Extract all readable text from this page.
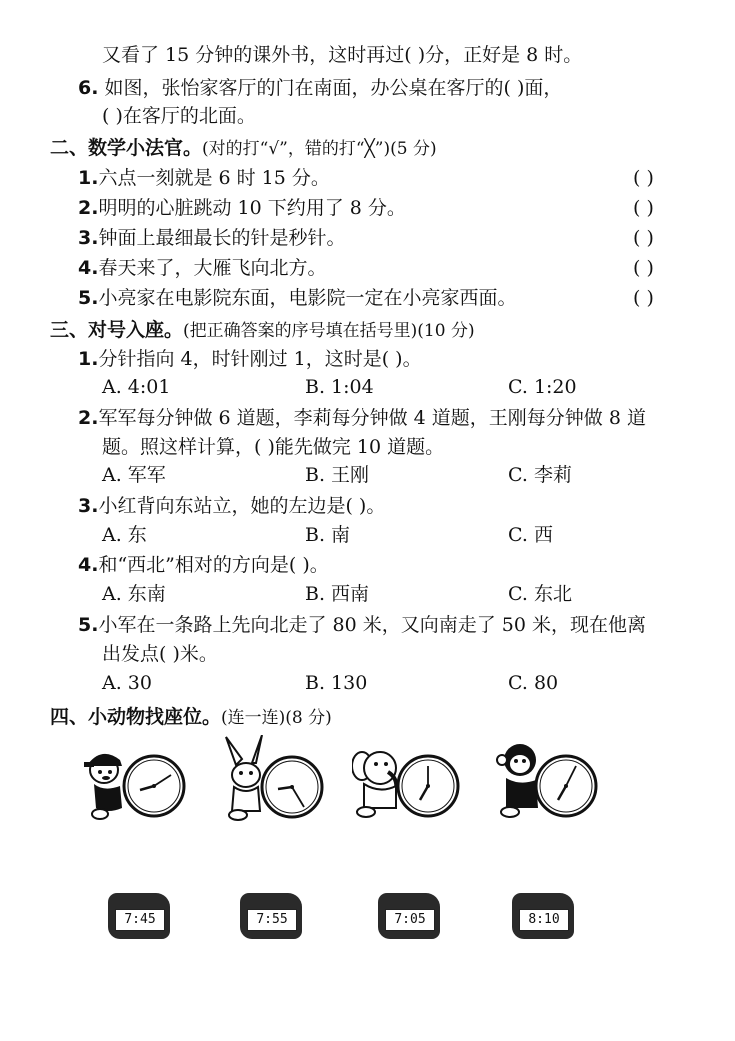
又看了 15 分钟的课外书，这时再过( )分，正好是 8 时。
6. 如图，张怡家客厅的门在南面，办公桌在客厅的( )面，
( )在客厅的北面。
二、数学小法官。(对的打“√”，错的打“╳”)(5 分)
1.六点一刻就是 6 时 15 分。	( )
2.明明的心脏跳动 10 下约用了 8 分。	( )
3.钟面上最细最长的针是秒针。	( )
4.春天来了，大雁飞向北方。	( )
5.小亮家在电影院东面，电影院一定在小亮家西面。	( )
三、对号入座。(把正确答案的序号填在括号里)(10 分)
1.分针指向 4，时针刚过 1，这时是( )。
A. 4:01	B. 1:04	C. 1:20
2.军军每分钟做 6 道题，李莉每分钟做 4 道题，王刚每分钟做 8 道
题。照这样计算，( )能先做完 10 道题。
A. 军军	B. 王刚	C. 李莉
3.小红背向东站立，她的左边是( )。
A. 东	B. 南	C. 西
4.和“西北”相对的方向是( )。
A. 东南	B. 西南	C. 东北
5.小军在一条路上先向北走了 80 米，又向南走了 50 米，现在他离
出发点( )米。
A. 30	B. 130	C. 80
四、小动物找座位。(连一连)(8 分)
7:45	7:55	7:05	8:10
